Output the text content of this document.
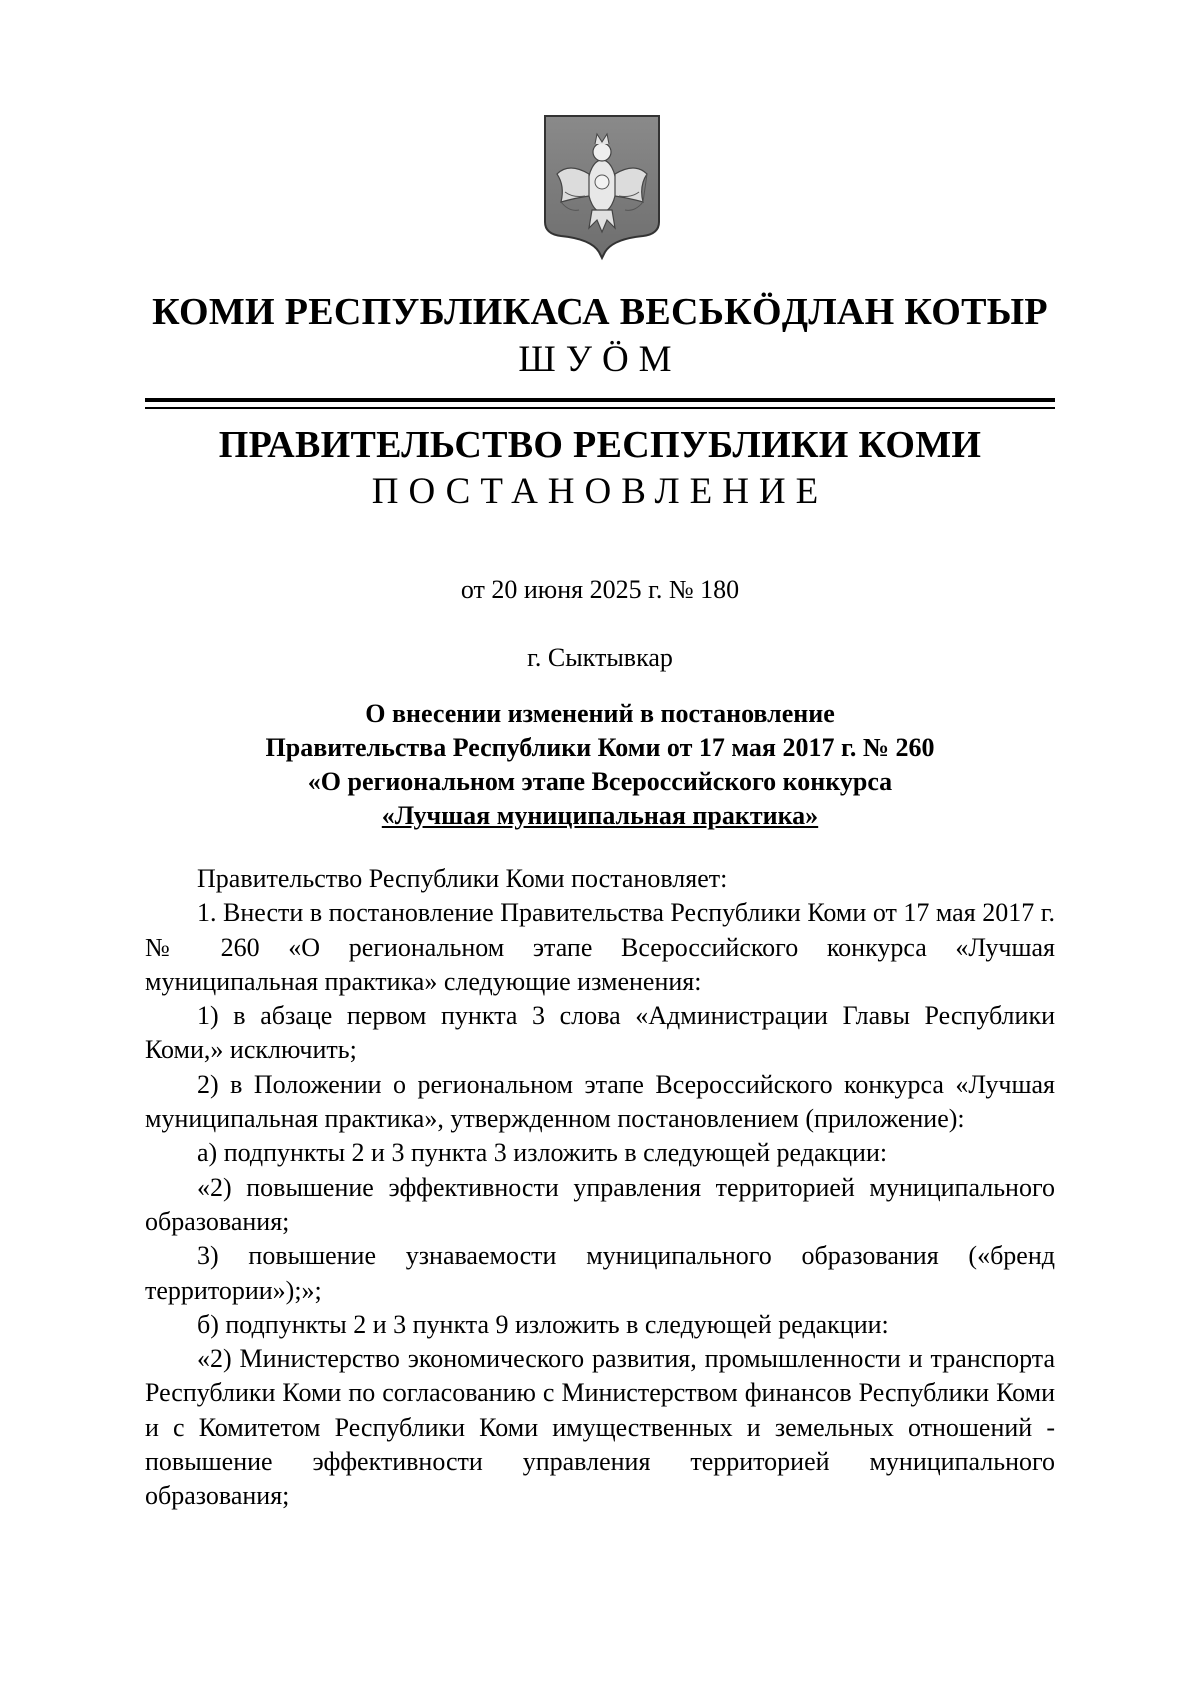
КОМИ РЕСПУБЛИКАСА ВЕСЬКӦДЛАН КОТЫР
ШУӦМ
ПРАВИТЕЛЬСТВО РЕСПУБЛИКИ КОМИ
ПОСТАНОВЛЕНИЕ
от 20 июня 2025 г. № 180
г. Сыктывкар
О внесении изменений в постановление
Правительства Республики Коми от 17 мая 2017 г. № 260
«О региональном этапе Всероссийского конкурса
«Лучшая муниципальная практика»

Правительство Республики Коми постановляет:

1. Внести в постановление Правительства Республики Коми от 17 мая 2017 г. № 260 «О региональном этапе Всероссийского конкурса «Лучшая муниципальная практика» следующие изменения:

1) в абзаце первом пункта 3 слова «Администрации Главы Республики Коми,» исключить;

2) в Положении о региональном этапе Всероссийского конкурса «Лучшая муниципальная практика», утвержденном постановлением (приложение):

а) подпункты 2 и 3 пункта 3 изложить в следующей редакции:

«2) повышение эффективности управления территорией муниципального образования;

3) повышение узнаваемости муниципального образования («бренд территории»);»;

б) подпункты 2 и 3 пункта 9 изложить в следующей редакции:

«2) Министерство экономического развития, промышленности и транспорта Республики Коми по согласованию с Министерством финансов Республики Коми и с Комитетом Республики Коми имущественных и земельных отношений - повышение эффективности управления территорией муниципального образования;
